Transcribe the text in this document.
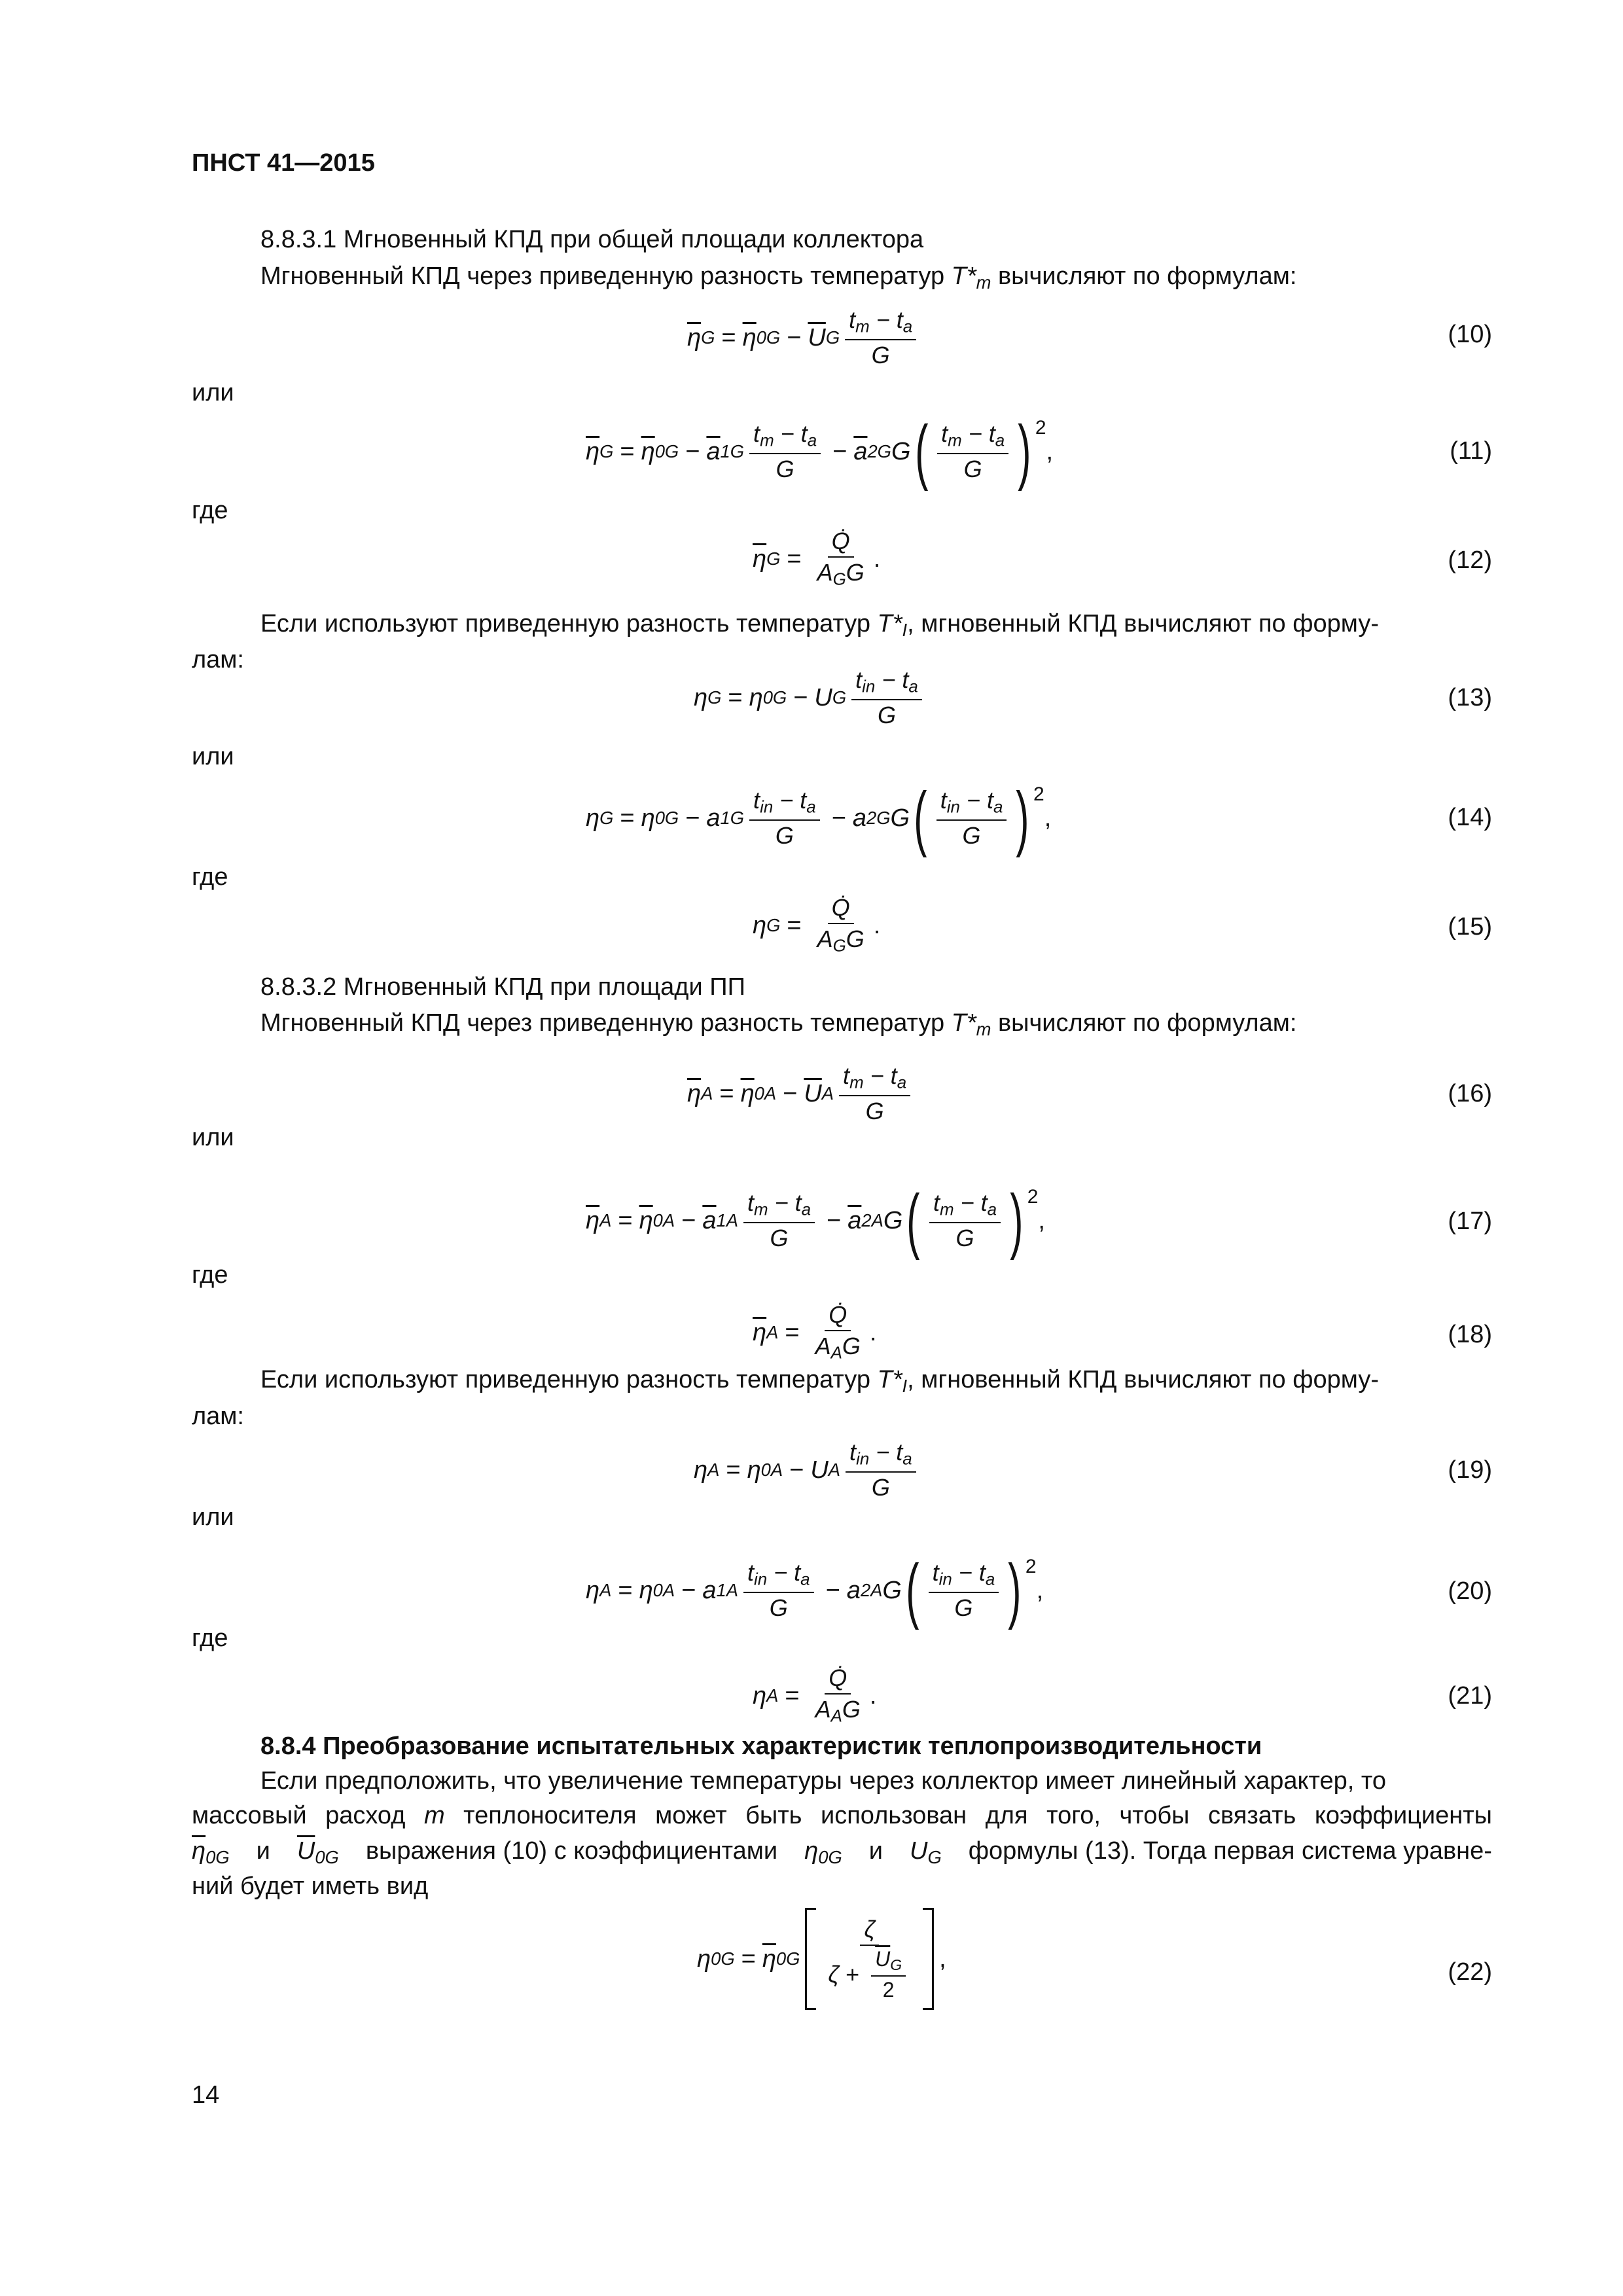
ПНСТ 41—2015
8.8.3.1 Мгновенный КПД при общей площади коллектора
Мгновенный КПД через приведенную разность температур $T*_m$ вычисляют по формулам:
$\overline{\eta}$ $G = \overline{\eta}$ $0G - \overline{U}$ G $\frac{t_m - t_a}{G}$	(10)
или
$\overline{\eta}$ $G = \overline{\eta}$ $0G - \overline{a}$ $1G \frac{t_m - t_a}{G} - \overline{a}$ 2G G ( $\frac{t_m - t_a}{G}$ ) 2
,	(11)
где
$\overline{\eta}$ $G = \frac{Q̇}{A_GG}$ .	(12)
Если используют приведенную разность температур $T*_I$, мгновенный КПД вычисляют по форму-
лам:
η G = η 0G − U G $\frac{t_{in} - t_a}{G}$	(13)
или
η G = η 0G − a $1G \frac{t_{in} - t_a}{G} - a$ 2G G ( $\frac{t_{in} - t_a}{G}$ ) 2
,	(14)
где
η $G = \frac{Q̇}{A_GG}$ .	(15)
8.8.3.2 Мгновенный КПД при площади ПП
Мгновенный КПД через приведенную разность температур $T*_m$ вычисляют по формулам:
$\overline{\eta}$ $A = \overline{\eta}$ $0A - \overline{U}$ A $\frac{t_m - t_a}{G}$	(16)
или
$\overline{\eta}$ $A = \overline{\eta}$ $0A - \overline{a}$ $1A \frac{t_m - t_a}{G} - \overline{a}$ 2A G ( $\frac{t_m - t_a}{G}$ ) 2
,	(17)
где
$\overline{\eta}$ $A = \frac{Q̇}{A_AG}$ .	(18)
Если используют приведенную разность температур $T*_I$, мгновенный КПД вычисляют по форму-
лам:
η A = η 0A − U A $\frac{t_{in} - t_a}{G}$	(19)
или
η A = η 0A − a $1A \frac{t_{in} - t_a}{G} - a$ 2A G ( $\frac{t_{in} - t_a}{G}$ ) 2
,	(20)
где
η $A = \frac{Q̇}{A_AG}$ .	(21)
8.8.4 Преобразование испытательных характеристик теплопроизводительности
Если предположить, что увеличение температуры через коллектор имеет линейный характер, то
массовый расход m теплоносителя может быть использован для того, чтобы связать коэффициенты
$\overline{\eta}_{0G}$ и $\overline{U}_{0G}$ выражения (10) с коэффициентами $\eta_{0G}$ и $U_G$ формулы (13). Тогда первая система уравне-
ний будет иметь вид
η $0G = \overline{\eta}$ $0G \frac{\zeta}{\zeta + \frac{\overline{U}_G}{2}}$ ,	(22)
14
